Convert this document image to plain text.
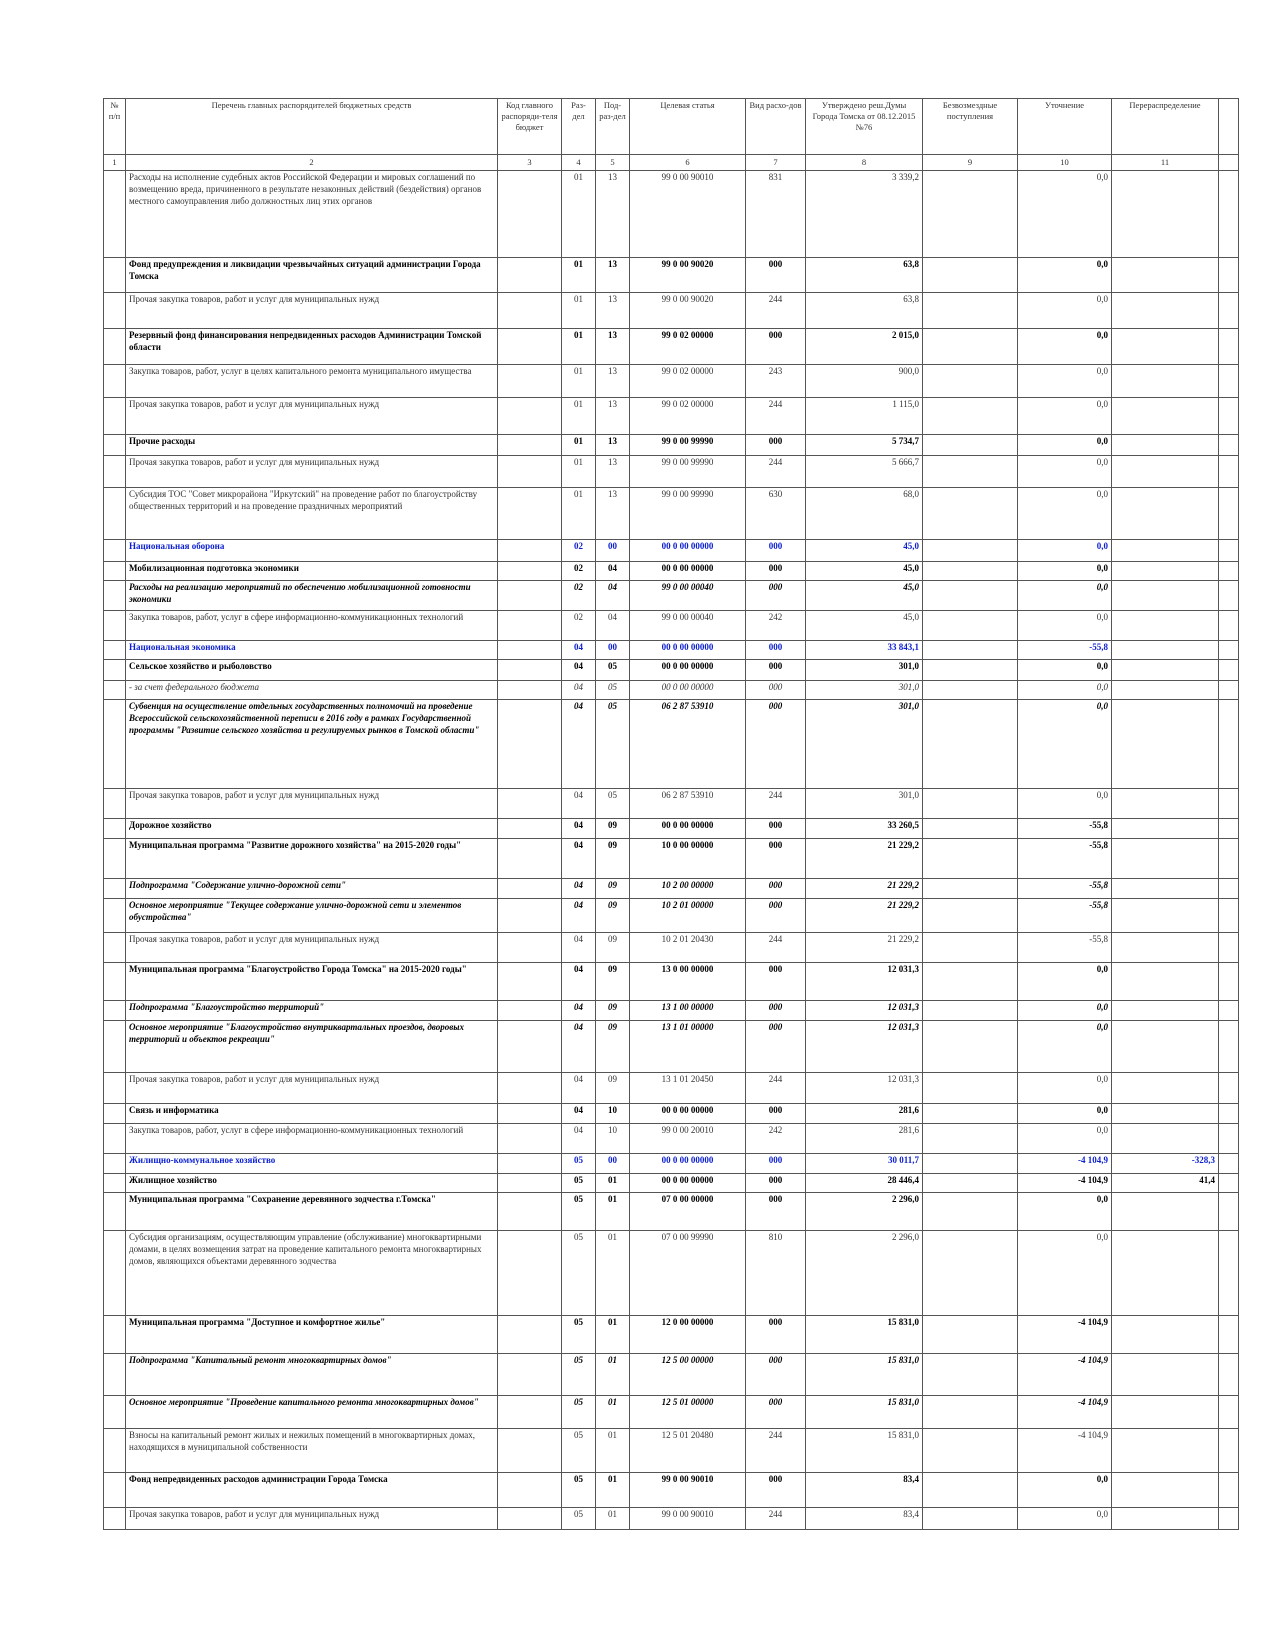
№ п/п	Перечень главных распорядителей бюджетных средств	Код главного распоряди-теля бюджет	Раз-дел	Под-раз-дел	Целевая статья	Вид расхо-дов	Утверждено реш.Думы Города Томска от 08.12.2015 №76	Безвозмездные поступления	Уточнение	Перераспределение	
1	2	3	4	5	6	7	8	9	10	11	
	Расходы на исполнение судебных актов Российской Федерации и мировых соглашений по возмещению вреда, причиненного в результате незаконных действий (бездействия) органов местного самоуправления либо должностных лиц этих органов		01	13	99 0 00 90010	831	3 339,2		0,0		
	Фонд предупреждения и ликвидации чрезвычайных ситуаций администрации Города Томска		01	13	99 0 00 90020	000	63,8		0,0		
	Прочая закупка товаров, работ и услуг для муниципальных нужд		01	13	99 0 00 90020	244	63,8		0,0		
	Резервный фонд финансирования непредвиденных расходов Администрации Томской области		01	13	99 0 02 00000	000	2 015,0		0,0		
	Закупка товаров, работ, услуг в целях капитального ремонта муниципального имущества		01	13	99 0 02 00000	243	900,0		0,0		
	Прочая закупка товаров, работ и услуг для муниципальных нужд		01	13	99 0 02 00000	244	1 115,0		0,0		
	Прочие расходы		01	13	99 0 00 99990	000	5 734,7		0,0		
	Прочая закупка товаров, работ и услуг для муниципальных нужд		01	13	99 0 00 99990	244	5 666,7		0,0		
	Субсидия ТОС "Совет микрорайона "Иркутский" на проведение работ по благоустройству общественных территорий и на проведение праздничных мероприятий		01	13	99 0 00 99990	630	68,0		0,0		
	Национальная оборона		02	00	00 0 00 00000	000	45,0		0,0		
	Мобилизационная подготовка экономики		02	04	00 0 00 00000	000	45,0		0,0		
	Расходы на реализацию мероприятий по обеспечению мобилизационной готовности экономики		02	04	99 0 00 00040	000	45,0		0,0		
	Закупка товаров, работ, услуг в сфере информационно-коммуникационных технологий		02	04	99 0 00 00040	242	45,0		0,0		
	Национальная экономика		04	00	00 0 00 00000	000	33 843,1		-55,8		
	Сельское хозяйство и рыболовство		04	05	00 0 00 00000	000	301,0		0,0		
	- за счет федерального бюджета		04	05	00 0 00 00000	000	301,0		0,0		
	Субвенция на осуществление отдельных государственных полномочий на проведение Всероссийской сельскохозяйственной переписи в 2016 году в рамках Государственной программы "Развитие сельского хозяйства и регулируемых рынков в Томской области"		04	05	06 2 87 53910	000	301,0		0,0		
	Прочая закупка товаров, работ и услуг для муниципальных нужд		04	05	06 2 87 53910	244	301,0		0,0		
	Дорожное хозяйство		04	09	00 0 00 00000	000	33 260,5		-55,8		
	Муниципальная программа "Развитие дорожного хозяйства" на 2015-2020 годы"		04	09	10 0 00 00000	000	21 229,2		-55,8		
	Подпрограмма "Содержание улично-дорожной сети"		04	09	10 2 00 00000	000	21 229,2		-55,8		
	Основное мероприятие "Текущее содержание улично-дорожной сети и элементов обустройства"		04	09	10 2 01 00000	000	21 229,2		-55,8		
	Прочая закупка товаров, работ и услуг для муниципальных нужд		04	09	10 2 01 20430	244	21 229,2		-55,8		
	Муниципальная программа "Благоустройство Города Томска" на 2015-2020 годы"		04	09	13 0 00 00000	000	12 031,3		0,0		
	Подпрограмма "Благоустройство территорий"		04	09	13 1 00 00000	000	12 031,3		0,0		
	Основное мероприятие "Благоустройство внутриквартальных проездов, дворовых территорий и объектов рекреации"		04	09	13 1 01 00000	000	12 031,3		0,0		
	Прочая закупка товаров, работ и услуг для муниципальных нужд		04	09	13 1 01 20450	244	12 031,3		0,0		
	Связь и информатика		04	10	00 0 00 00000	000	281,6		0,0		
	Закупка товаров, работ, услуг в сфере информационно-коммуникационных технологий		04	10	99 0 00 20010	242	281,6		0,0		
	Жилищно-коммунальное хозяйство		05	00	00 0 00 00000	000	30 011,7		-4 104,9	-328,3	
	Жилищное хозяйство		05	01	00 0 00 00000	000	28 446,4		-4 104,9	41,4	
	Муниципальная программа "Сохранение деревянного зодчества г.Томска"		05	01	07 0 00 00000	000	2 296,0		0,0		
	Субсидия организациям, осуществляющим управление (обслуживание) многоквартирными домами, в целях возмещения затрат на проведение капитального ремонта многоквартирных домов, являющихся объектами деревянного зодчества		05	01	07 0 00 99990	810	2 296,0		0,0		
	Муниципальная программа "Доступное и комфортное жилье"		05	01	12 0 00 00000	000	15 831,0		-4 104,9		
	Подпрограмма "Капитальный ремонт многоквартирных домов"		05	01	12 5 00 00000	000	15 831,0		-4 104,9		
	Основное мероприятие "Проведение капитального ремонта многоквартирных домов"		05	01	12 5 01 00000	000	15 831,0		-4 104,9		
	Взносы на капитальный ремонт жилых и нежилых помещений в многоквартирных домах, находящихся в муниципальной собственности		05	01	12 5 01 20480	244	15 831,0		-4 104,9		
	Фонд непредвиденных расходов администрации Города Томска		05	01	99 0 00 90010	000	83,4		0,0		
	Прочая закупка товаров, работ и услуг для муниципальных нужд		05	01	99 0 00 90010	244	83,4		0,0		
